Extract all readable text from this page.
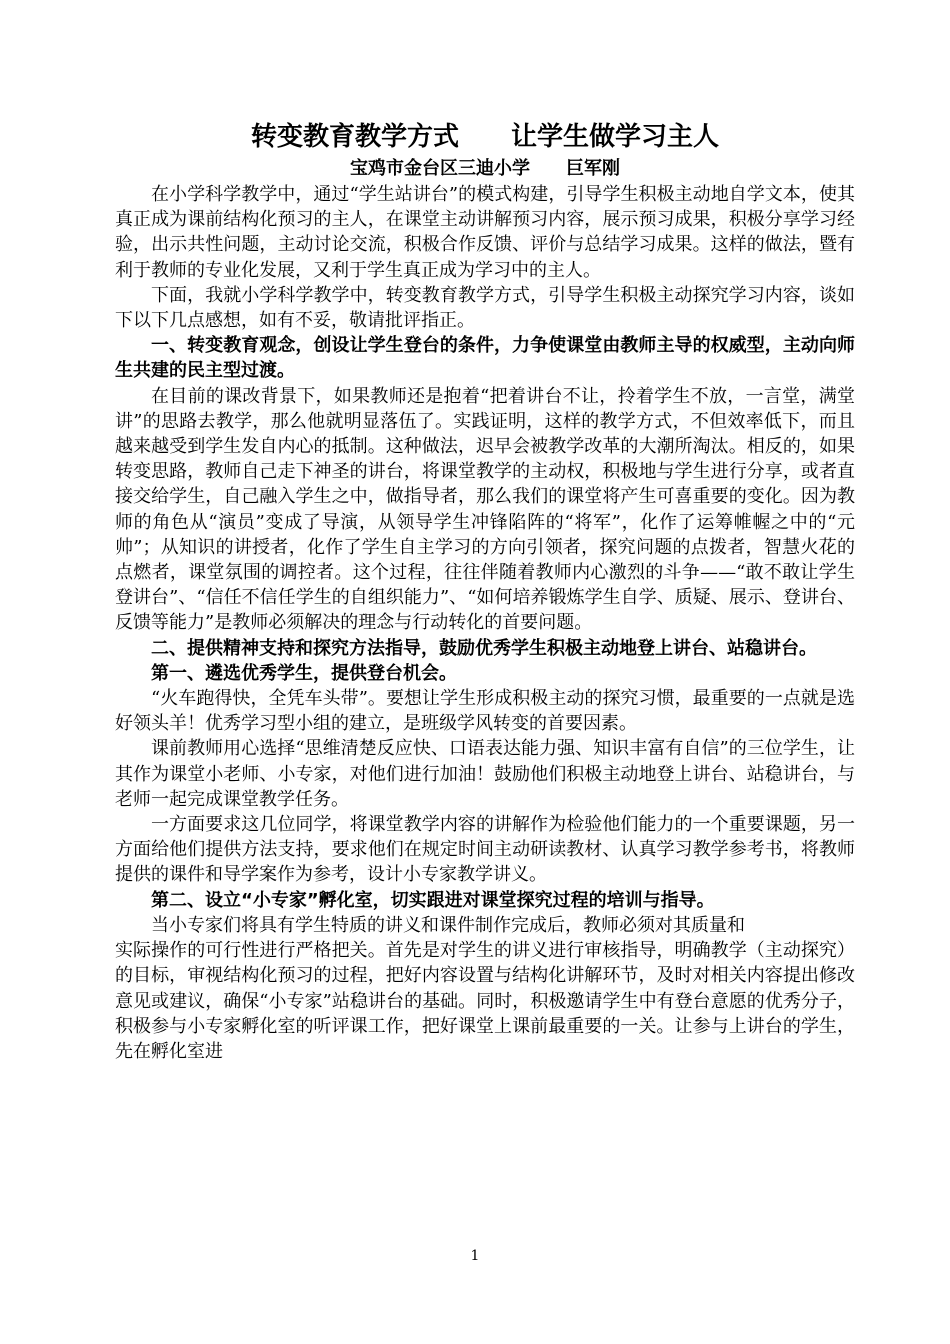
转变教育教学方式　　让学生做学习主人
宝鸡市金台区三迪小学　　巨军刚

在小学科学教学中，通过“学生站讲台”的模式构建，引导学生积极主动地自学文本，使其真正成为课前结构化预习的主人，在课堂主动讲解预习内容，展示预习成果，积极分享学习经验，出示共性问题，主动讨论交流，积极合作反馈、评价与总结学习成果。这样的做法，暨有利于教师的专业化发展，又利于学生真正成为学习中的主人。

下面，我就小学科学教学中，转变教育教学方式，引导学生积极主动探究学习内容，谈如下以下几点感想，如有不妥，敬请批评指正。

一、转变教育观念，创设让学生登台的条件，力争使课堂由教师主导的权威型，主动向师生共建的民主型过渡。

在目前的课改背景下，如果教师还是抱着“把着讲台不让，拎着学生不放，一言堂，满堂讲”的思路去教学，那么他就明显落伍了。实践证明，这样的教学方式，不但效率低下，而且越来越受到学生发自内心的抵制。这种做法，迟早会被教学改革的大潮所淘汰。相反的，如果转变思路，教师自己走下神圣的讲台，将课堂教学的主动权，积极地与学生进行分享，或者直接交给学生，自己融入学生之中，做指导者，那么我们的课堂将产生可喜重要的变化。因为教师的角色从“演员”变成了导演，从领导学生冲锋陷阵的“将军”，化作了运筹帷幄之中的“元帅”；从知识的讲授者，化作了学生自主学习的方向引领者，探究问题的点拨者，智慧火花的点燃者，课堂氛围的调控者。这个过程，往往伴随着教师内心激烈的斗争——“敢不敢让学生登讲台”、“信任不信任学生的自组织能力”、“如何培养锻炼学生自学、质疑、展示、登讲台、反馈等能力”是教师必须解决的理念与行动转化的首要问题。

二、提供精神支持和探究方法指导，鼓励优秀学生积极主动地登上讲台、站稳讲台。

第一、遴选优秀学生，提供登台机会。

“火车跑得快，全凭车头带”。要想让学生形成积极主动的探究习惯，最重要的一点就是选好领头羊！优秀学习型小组的建立，是班级学风转变的首要因素。

课前教师用心选择“思维清楚反应快、口语表达能力强、知识丰富有自信”的三位学生，让其作为课堂小老师、小专家，对他们进行加油！鼓励他们积极主动地登上讲台、站稳讲台，与老师一起完成课堂教学任务。

一方面要求这几位同学，将课堂教学内容的讲解作为检验他们能力的一个重要课题，另一方面给他们提供方法支持，要求他们在规定时间主动研读教材、认真学习教学参考书，将教师提供的课件和导学案作为参考，设计小专家教学讲义。

第二、设立“小专家”孵化室，切实跟进对课堂探究过程的培训与指导。

当小专家们将具有学生特质的讲义和课件制作完成后，教师必须对其质量和

实际操作的可行性进行严格把关。首先是对学生的讲义进行审核指导，明确教学（主动探究）的目标，审视结构化预习的过程，把好内容设置与结构化讲解环节，及时对相关内容提出修改意见或建议，确保“小专家”站稳讲台的基础。同时，积极邀请学生中有登台意愿的优秀分子，积极参与小专家孵化室的听评课工作，把好课堂上课前最重要的一关。让参与上讲台的学生，先在孵化室进

1
